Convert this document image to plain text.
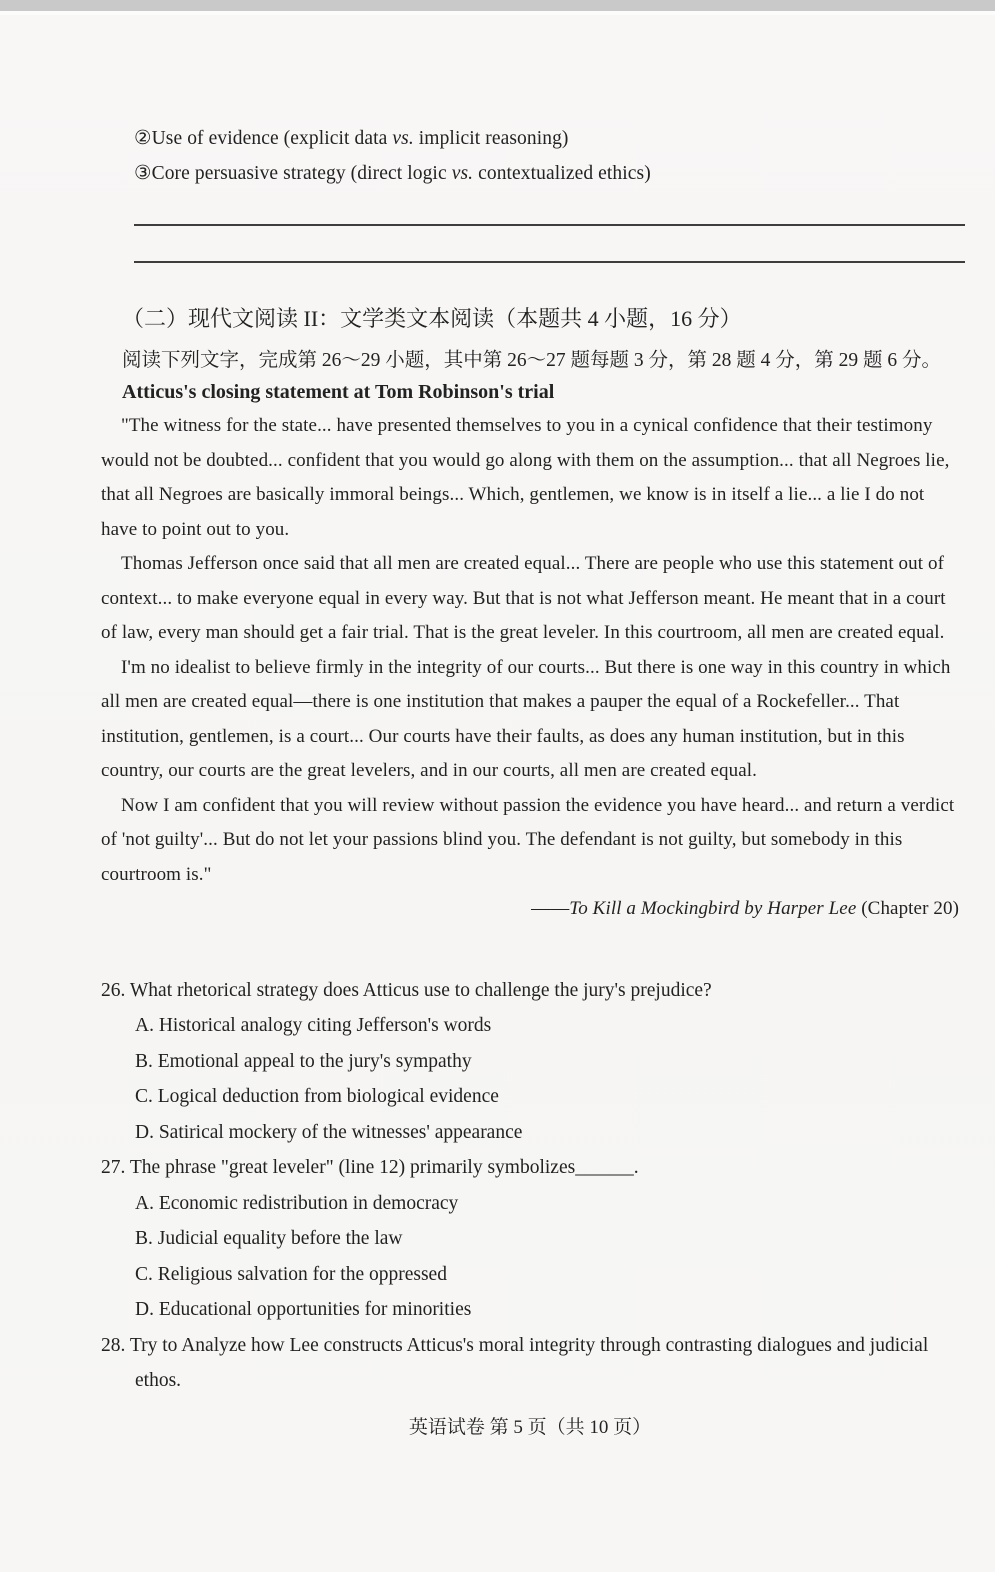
②Use of evidence (explicit data vs. implicit reasoning)

③Core persuasive strategy (direct logic vs. contextualized ethics)

（二）现代文阅读 II：文学类文本阅读（本题共 4 小题，16 分）
阅读下列文字，完成第 26～29 小题，其中第 26～27 题每题 3 分，第 28 题 4 分，第 29 题 6 分。
Atticus's closing statement at Tom Robinson's trial

"The witness for the state... have presented themselves to you in a cynical confidence that their testimony would not be doubted... confident that you would go along with them on the assumption... that all Negroes lie, that all Negroes are basically immoral beings... Which, gentlemen, we know is in itself a lie... a lie I do not have to point out to you.

Thomas Jefferson once said that all men are created equal... There are people who use this statement out of context... to make everyone equal in every way. But that is not what Jefferson meant. He meant that in a court of law, every man should get a fair trial. That is the great leveler. In this courtroom, all men are created equal.

I'm no idealist to believe firmly in the integrity of our courts... But there is one way in this country in which all men are created equal—there is one institution that makes a pauper the equal of a Rockefeller... That institution, gentlemen, is a court... Our courts have their faults, as does any human institution, but in this country, our courts are the great levelers, and in our courts, all men are created equal.

Now I am confident that you will review without passion the evidence you have heard... and return a verdict of 'not guilty'... But do not let your passions blind you. The defendant is not guilty, but somebody in this courtroom is."

——To Kill a Mockingbird by Harper Lee (Chapter 20)

26. What rhetorical strategy does Atticus use to challenge the jury's prejudice?

A. Historical analogy citing Jefferson's words

B. Emotional appeal to the jury's sympathy

C. Logical deduction from biological evidence

D. Satirical mockery of the witnesses' appearance

27. The phrase "great leveler" (line 12) primarily symbolizes______.

A. Economic redistribution in democracy

B. Judicial equality before the law

C. Religious salvation for the oppressed

D. Educational opportunities for minorities

28. Try to Analyze how Lee constructs Atticus's moral integrity through contrasting dialogues and judicial ethos.

英语试卷 第 5 页（共 10 页）
